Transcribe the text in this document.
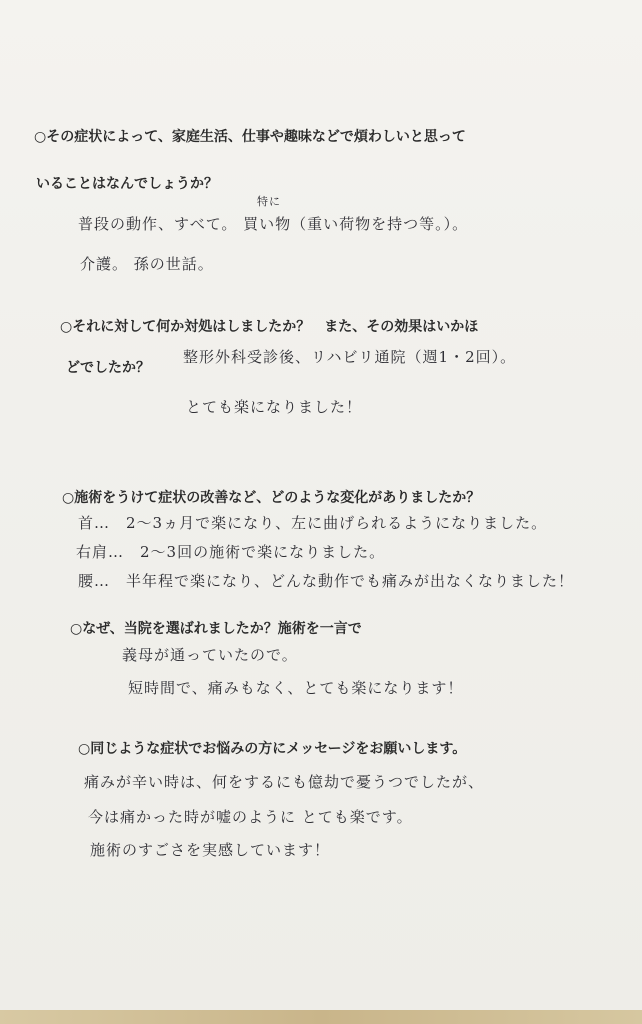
○その症状によって、家庭生活、仕事や趣味などで煩わしいと思って
いることはなんでしょうか？
特に
普段の動作、すべて。 買い物（重い荷物を持つ等。）。
介護。 孫の世話。
○それに対して何か対処はしましたか？　また、その効果はいかほ
どでしたか？
整形外科受診後、リハビリ通院（週1・2回）。
とても楽になりました！
○施術をうけて症状の改善など、どのような変化がありましたか？
首…　2〜3ヵ月で楽になり、左に曲げられるようになりました。
右肩…　2〜3回の施術で楽になりました。
腰…　半年程で楽になり、どんな動作でも痛みが出なくなりました！
○なぜ、当院を選ばれましたか？施術を一言で
義母が通っていたので。
短時間で、痛みもなく、とても楽になります！
○同じような症状でお悩みの方にメッセージをお願いします。
痛みが辛い時は、何をするにも億劫で憂うつでしたが、
今は痛かった時が嘘のように とても楽です。
施術のすごさを実感しています！
